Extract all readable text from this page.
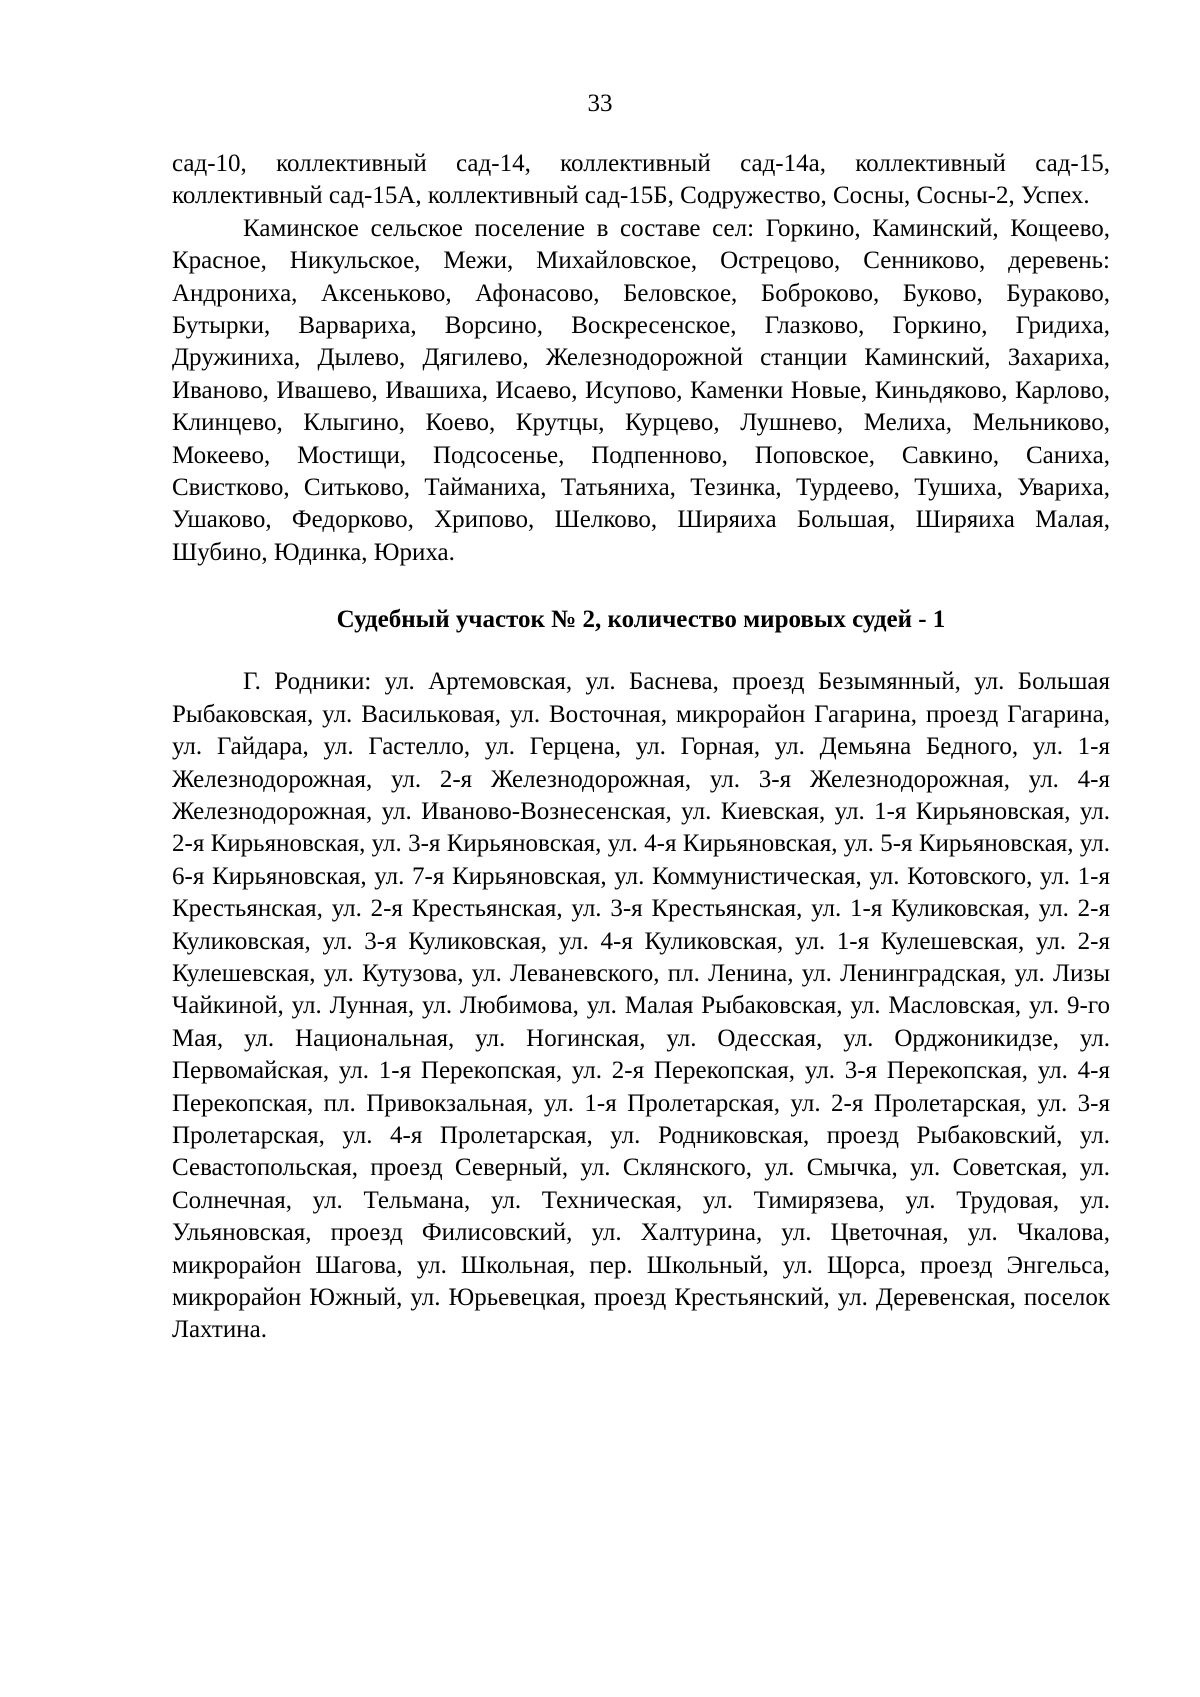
33

сад-10, коллективный сад-14, коллективный сад-14а, коллективный сад-15, коллективный сад-15А, коллективный сад-15Б, Содружество, Сосны, Сосны-2, Успех.

Каминское сельское поселение в составе сел: Горкино, Каминский, Кощеево, Красное, Никульское, Межи, Михайловское, Острецово, Сенниково, деревень: Андрониха, Аксеньково, Афонасово, Беловское, Боброково, Буково, Бураково, Бутырки, Варвариха, Ворсино, Воскресенское, Глазково, Горкино, Гридиха, Дружиниха, Дылево, Дягилево, Железнодорожной станции Каминский, Захариха, Иваново, Ивашево, Ивашиха, Исаево, Исупово, Каменки Новые, Киньдяково, Карлово, Клинцево, Клыгино, Коево, Крутцы, Курцево, Лушнево, Мелиха, Мельниково, Мокеево, Мостищи, Подсосенье, Подпенново, Поповское, Савкино, Саниха, Свистково, Ситьково, Тайманиха, Татьяниха, Тезинка, Турдеево, Тушиха, Увариха, Ушаково, Федорково, Хрипово, Шелково, Ширяиха Большая, Ширяиха Малая, Шубино, Юдинка, Юриха.

Судебный участок № 2, количество мировых судей - 1

Г. Родники: ул. Артемовская, ул. Баснева, проезд Безымянный, ул. Большая Рыбаковская, ул. Васильковая, ул. Восточная, микрорайон Гагарина, проезд Гагарина, ул. Гайдара, ул. Гастелло, ул. Герцена, ул. Горная, ул. Демьяна Бедного, ул. 1-я Железнодорожная, ул. 2-я Железнодорожная, ул. 3-я Железнодорожная, ул. 4-я Железнодорожная, ул. Иваново-Вознесенская, ул. Киевская, ул. 1-я Кирьяновская, ул. 2-я Кирьяновская, ул. 3-я Кирьяновская, ул. 4-я Кирьяновская, ул. 5-я Кирьяновская, ул. 6-я Кирьяновская, ул. 7-я Кирьяновская, ул. Коммунистическая, ул. Котовского, ул. 1-я Крестьянская, ул. 2-я Крестьянская, ул. 3-я Крестьянская, ул. 1-я Куликовская, ул. 2-я Куликовская, ул. 3-я Куликовская, ул. 4-я Куликовская, ул. 1-я Кулешевская, ул. 2-я Кулешевская, ул. Кутузова, ул. Леваневского, пл. Ленина, ул. Ленинградская, ул. Лизы Чайкиной, ул. Лунная, ул. Любимова, ул. Малая Рыбаковская, ул. Масловская, ул. 9-го Мая, ул. Национальная, ул. Ногинская, ул. Одесская, ул. Орджоникидзе, ул. Первомайская, ул. 1-я Перекопская, ул. 2-я Перекопская, ул. 3-я Перекопская, ул. 4-я Перекопская, пл. Привокзальная, ул. 1-я Пролетарская, ул. 2-я Пролетарская, ул. 3-я Пролетарская, ул. 4-я Пролетарская, ул. Родниковская, проезд Рыбаковский, ул. Севастопольская, проезд Северный, ул. Склянского, ул. Смычка, ул. Советская, ул. Солнечная, ул. Тельмана, ул. Техническая, ул. Тимирязева, ул. Трудовая, ул. Ульяновская, проезд Филисовский, ул. Халтурина, ул. Цветочная, ул. Чкалова, микрорайон Шагова, ул. Школьная, пер. Школьный, ул. Щорса, проезд Энгельса, микрорайон Южный, ул. Юрьевецкая, проезд Крестьянский, ул. Деревенская, поселок Лахтина.
